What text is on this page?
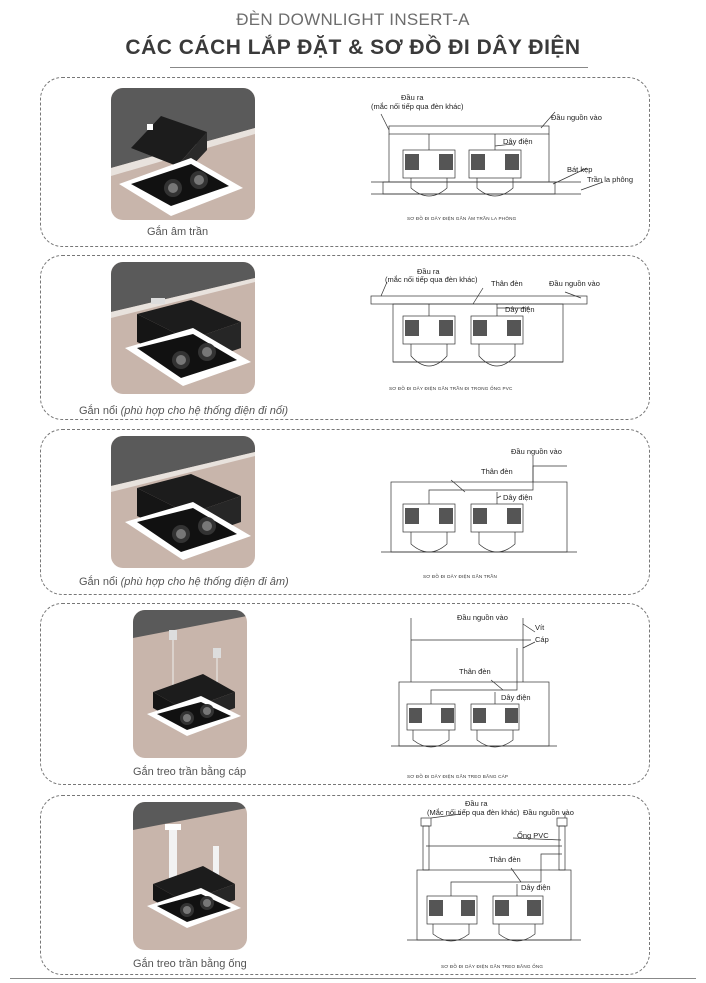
ĐÈN DOWNLIGHT INSERT-A
CÁC CÁCH LẮP ĐẶT & SƠ ĐỒ ĐI DÂY ĐIỆN
Gắn âm trần
Đầu ra
(mắc nối tiếp qua đèn khác)
Đầu nguồn vào
Dây điện
Bát kẹp
Trần la phông
SƠ ĐỒ ĐI DÂY ĐIỆN GẮN ÂM TRẦN LA PHÔNG
Gắn nổi (phù hợp cho hệ thống điện đi nổi)
Đầu ra
(mắc nối tiếp qua đèn khác) Thân đèn	Đầu nguồn vào
Dây điện
SƠ ĐỒ ĐI DÂY ĐIỆN GẮN TRẦN ĐI TRONG ỐNG PVC
Gắn nổi (phù hợp cho hệ thống điện đi âm)
Đầu nguồn vào
Thân đèn
Dây điện
SƠ ĐỒ ĐI DÂY ĐIỆN GẮN TRẦN
Gắn treo trần bằng cáp
Đầu nguồn vào
Vít
Cáp
Thân đèn
Dây điện
SƠ ĐỒ ĐI DÂY ĐIỆN GẮN TREO BẰNG CÁP
Gắn treo trần bằng ống
Đầu ra
(Mắc nối tiếp qua đèn khác) Đầu nguồn vào
Ống PVC
Thân đèn
Dây điện
SƠ ĐỒ ĐI DÂY ĐIỆN GẮN TREO BẰNG ỐNG
